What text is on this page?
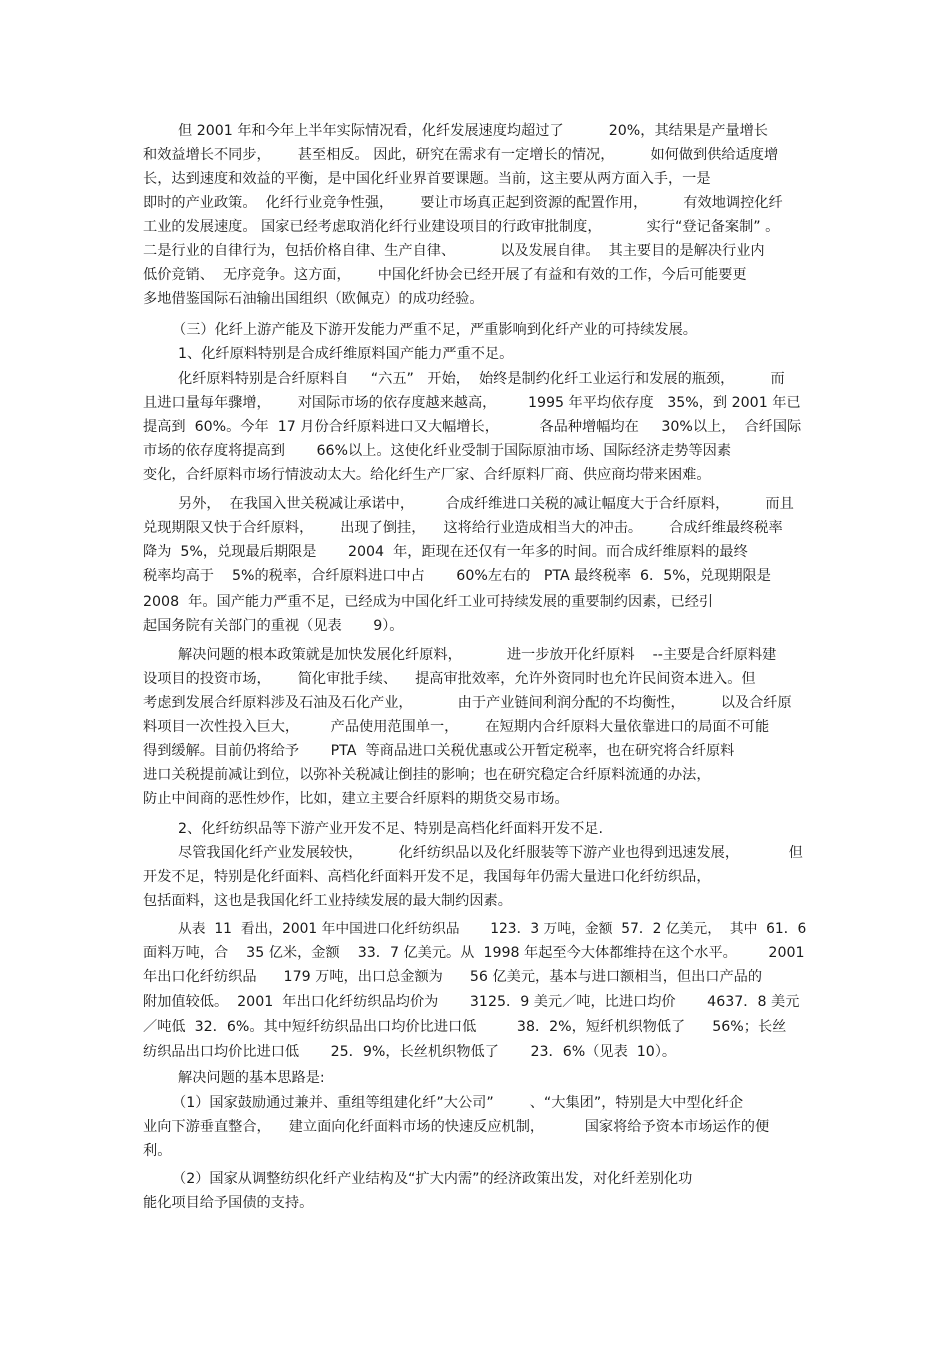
但 2001 年和今年上半年实际情况看，化纤发展速度均超过了          20%，其结果是产量增长
和效益增长不同步，      甚至相反。 因此，研究在需求有一定增长的情况，        如何做到供给适度增
长，达到速度和效益的平衡，是中国化纤业界首要课题。当前，这主要从两方面入手，一是
即时的产业政策。  化纤行业竞争性强，      要让市场真正起到资源的配置作用，        有效地调控化纤
工业的发展速度。 国家已经考虑取消化纤行业建设项目的行政审批制度，          实行“登记备案制” 。
二是行业的自律行为，包括价格自律、生产自律、          以及发展自律。  其主要目的是解决行业内
低价竞销、  无序竞争。这方面，      中国化纤协会已经开展了有益和有效的工作，今后可能要更
多地借鉴国际石油输出国组织（欧佩克）的成功经验。
（三）化纤上游产能及下游开发能力严重不足，严重影响到化纤产业的可持续发展。
1、化纤原料特别是合成纤维原料国产能力严重不足。
化纤原料特别是合纤原料自     “六五”   开始，  始终是制约化纤工业运行和发展的瓶颈，        而
且进口量每年骤增，      对国际市场的依存度越来越高，       1995 年平均依存度   35%，到 2001 年已
提高到  60%。今年  17 月份合纤原料进口又大幅增长，         各品种增幅均在     30%以上，  合纤国际
市场的依存度将提高到       66%以上。这使化纤业受制于国际原油市场、国际经济走势等因素
变化，合纤原料市场行情波动太大。给化纤生产厂家、合纤原料厂商、供应商均带来困难。
另外，  在我国入世关税减让承诺中，       合成纤维进口关税的减让幅度大于合纤原料，        而且
兑现期限又快于合纤原料，      出现了倒挂，    这将给行业造成相当大的冲击。      合成纤维最终税率
降为  5%，兑现最后期限是       2004  年，距现在还仅有一年多的时间。而合成纤维原料的最终
税率均高于    5%的税率，合纤原料进口中占       60%左右的   PTA 最终税率  6．5%，兑现期限是
2008  年。国产能力严重不足，已经成为中国化纤工业可持续发展的重要制约因素，已经引
起国务院有关部门的重视（见表       9）。
解决问题的根本政策就是加快发展化纤原料，          进一步放开化纤原料    --主要是合纤原料建
设项目的投资市场，      简化审批手续、    提高审批效率，允许外资同时也允许民间资本进入。但
考虑到发展合纤原料涉及石油及石化产业，          由于产业链间利润分配的不均衡性，        以及合纤原
料项目一次性投入巨大，       产品使用范围单一，      在短期内合纤原料大量依靠进口的局面不可能
得到缓解。目前仍将给予       PTA  等商品进口关税优惠或公开暂定税率，也在研究将合纤原料
进口关税提前减让到位，以弥补关税减让倒挂的影响；也在研究稳定合纤原料流通的办法，
防止中间商的恶性炒作，比如，建立主要合纤原料的期货交易市场。
2、化纤纺织品等下游产业开发不足、特别是高档化纤面料开发不足.
尽管我国化纤产业发展较快，        化纤纺织品以及化纤服装等下游产业也得到迅速发展，           但
开发不足，特别是化纤面料、高档化纤面料开发不足，我国每年仍需大量进口化纤纺织品，
包括面料，这也是我国化纤工业持续发展的最大制约因素。
从表  11  看出，2001 年中国进口化纤纺织品       123．3 万吨，金额  57．2 亿美元，  其中  61．6
面料万吨，合    35 亿米，金额    33．7 亿美元。从  1998 年起至今大体都维持在这个水平。       2001
年出口化纤纺织品      179 万吨，出口总金额为      56 亿美元，基本与进口额相当，但出口产品的
附加值较低。  2001  年出口化纤纺织品均价为       3125．9 美元／吨，比进口均价       4637．8 美元
／吨低  32．6%。其中短纤纺织品出口均价比进口低         38．2%，短纤机织物低了      56%；长丝
纺织品出口均价比进口低       25．9%，长丝机织物低了       23．6%（见表  10）。
解决问题的基本思路是:
（1）国家鼓励通过兼并、重组等组建化纤”大公司”        、“大集团”，特别是大中型化纤企
业向下游垂直整合，    建立面向化纤面料市场的快速反应机制，         国家将给予资本市场运作的便
利。
（2）国家从调整纺织化纤产业结构及“扩大内需”的经济政策出发，对化纤差别化功
能化项目给予国债的支持。
